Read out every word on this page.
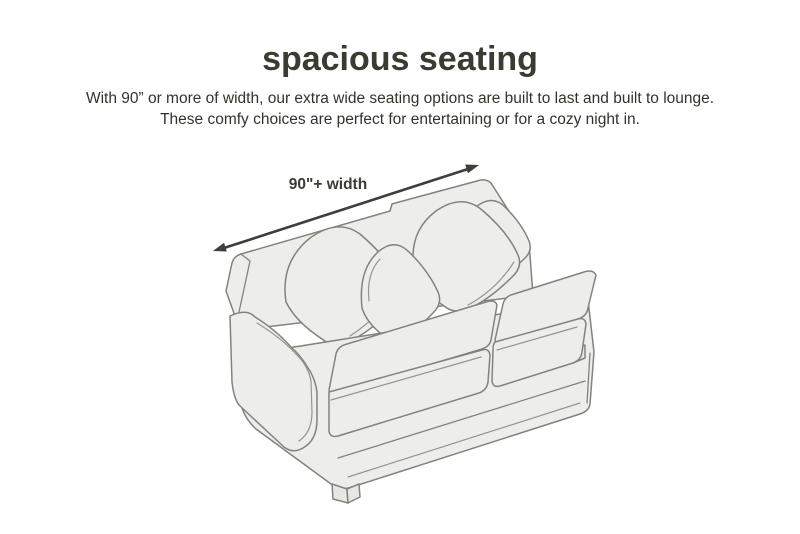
spacious seating
With 90” or more of width, our extra wide seating options are built to last and built to lounge.
These comfy choices are perfect for entertaining or for a cozy night in.
90"+ width
